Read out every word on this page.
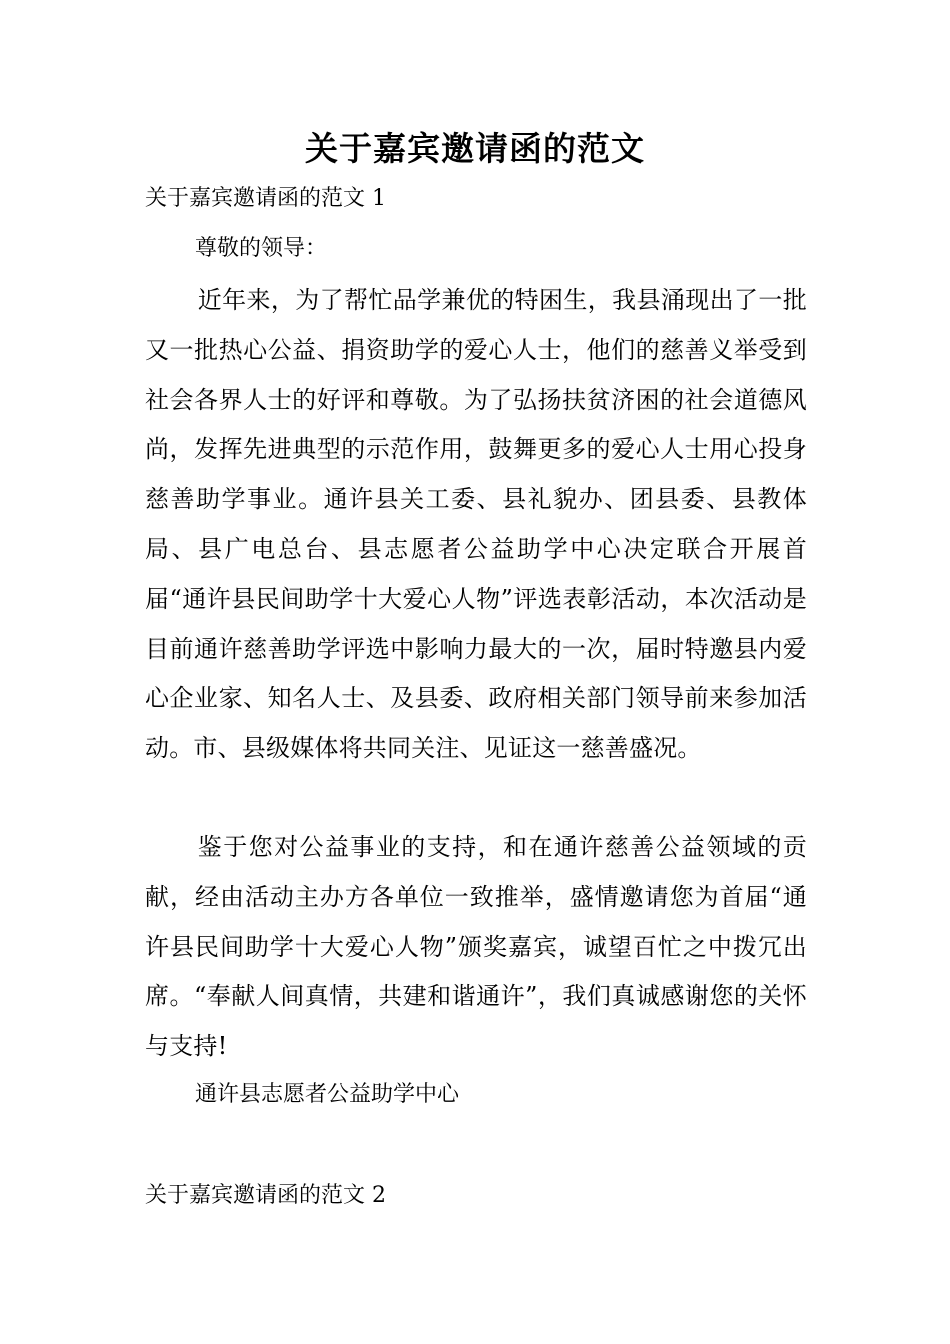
关于嘉宾邀请函的范文
关于嘉宾邀请函的范文 1
尊敬的领导：
近年来，为了帮忙品学兼优的特困生，我县涌现出了一批又一批热心公益、捐资助学的爱心人士，他们的慈善义举受到社会各界人士的好评和尊敬。为了弘扬扶贫济困的社会道德风尚，发挥先进典型的示范作用，鼓舞更多的爱心人士用心投身慈善助学事业。通许县关工委、县礼貌办、团县委、县教体局、县广电总台、县志愿者公益助学中心决定联合开展首届“通许县民间助学十大爱心人物”评选表彰活动，本次活动是目前通许慈善助学评选中影响力最大的一次，届时特邀县内爱心企业家、知名人士、及县委、政府相关部门领导前来参加活动。市、县级媒体将共同关注、见证这一慈善盛况。
鉴于您对公益事业的支持，和在通许慈善公益领域的贡献，经由活动主办方各单位一致推举，盛情邀请您为首届“通许县民间助学十大爱心人物”颁奖嘉宾，诚望百忙之中拨冗出席。“奉献人间真情，共建和谐通许”，我们真诚感谢您的关怀与支持!
通许县志愿者公益助学中心
关于嘉宾邀请函的范文 2
